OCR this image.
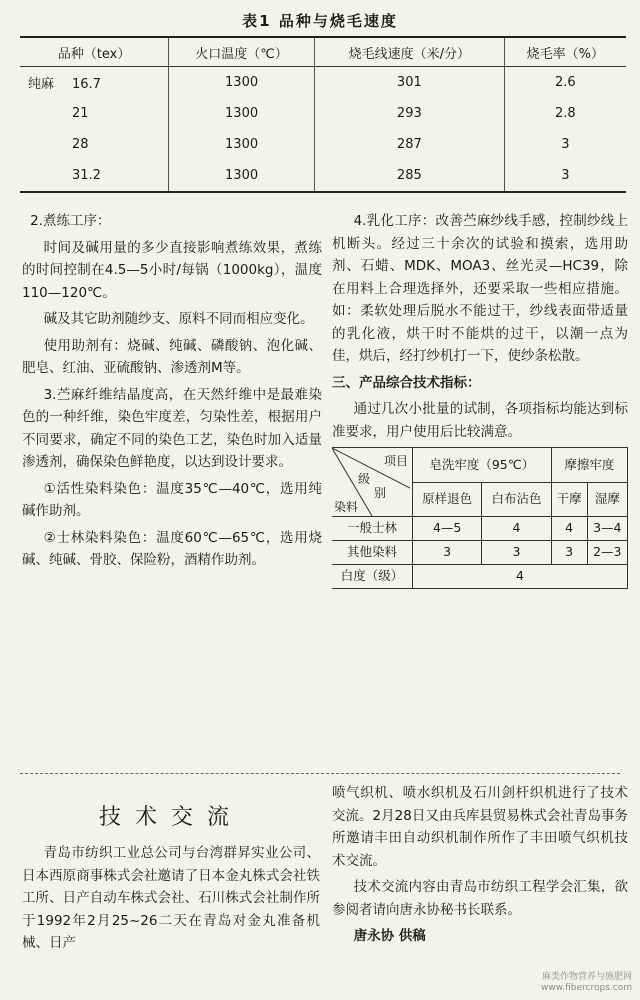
表1 品种与烧毛速度
品种（tex）	火口温度（℃）	烧毛线速度（米/分）	烧毛率（%）
纯麻 16.7	1300	301	2.6
21	1300	293	2.8
28	1300	287	3
31.2	1300	285	3

2.煮练工序：

时间及碱用量的多少直接影响煮练效果，煮练的时间控制在4.5—5小时/每锅（1000kg），温度110—120℃。

碱及其它助剂随纱支、原料不同而相应变化。

使用助剂有：烧碱、纯碱、磷酸钠、泡化碱、肥皂、红油、亚硫酸钠、渗透剂M等。

3.苎麻纤维结晶度高，在天然纤维中是最难染色的一种纤维，染色牢度差，匀染性差，根据用户不同要求，确定不同的染色工艺，染色时加入适量渗透剂，确保染色鲜艳度，以达到设计要求。

①活性染料染色：温度35℃—40℃，选用纯碱作助剂。

②士林染料染色：温度60℃—65℃，选用烧碱、纯碱、骨胶、保险粉，酒精作助剂。

4.乳化工序：改善苎麻纱线手感，控制纱线上机断头。经过三十余次的试验和摸索，选用助剂、石蜡、MDK、MOA3、丝光灵—HC39，除在用料上合理选择外，还要采取一些相应措施。如：柔软处理后脱水不能过干，纱线表面带适量的乳化液，烘干时不能烘的过干，以潮一点为佳，烘后，经打纱机打一下，使纱条松散。

三、产品综合技术指标：

通过几次小批量的试制，各项指标均能达到标准要求，用户使用后比较满意。

项目
级
别
染料	皂洗牢度（95℃）		摩擦牢度	
	原样退色	白布沾色	干摩	湿摩
一般士林	4—5	4	4	3—4
其他染料	3	3	3	2—3
白度（级）	4			
技术交流

青岛市纺织工业总公司与台湾群昇实业公司、日本西原商事株式会社邀请了日本金丸株式会社铁工所、日产自动车株式会社、石川株式会社制作所于1992年2月25~26二天在青岛对金丸准备机械、日产

喷气织机、喷水织机及石川剑杆织机进行了技术交流。2月28日又由兵库县贸易株式会社青岛事务所邀请丰田自动织机制作所作了丰田喷气织机技术交流。

技术交流内容由青岛市纺织工程学会汇集，欲参阅者请向唐永协秘书长联系。

唐永协 供稿

麻类作物营养与施肥网
www.fibercrops.com
